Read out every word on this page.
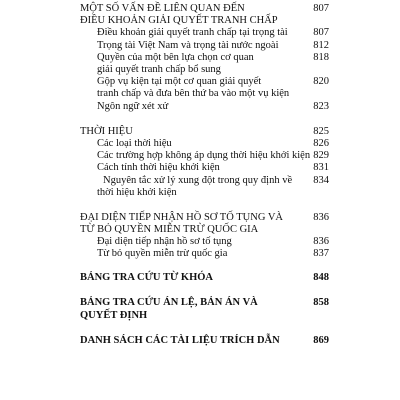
MỘT SỐ VẤN ĐỀ LIÊN QUAN ĐẾN	807
ĐIỀU KHOẢN GIẢI QUYẾT TRANH CHẤP
Điều khoản giải quyết tranh chấp tại trọng tài 807
Trọng tài Việt Nam và trọng tài nước ngoài	812
Quyền của một bên lựa chọn cơ quan	818
giải quyết tranh chấp bổ sung
Gộp vụ kiện tại một cơ quan giải quyết	820
tranh chấp và đưa bên thứ ba vào một vụ kiện
Ngôn ngữ xét xử	823
THỜI HIỆU	825
Các loại thời hiệu	826
Các trường hợp không áp dụng thời hiệu khởi kiện 829
Cách tính thời hiệu khởi kiện	831
Nguyên tắc xử lý xung đột trong quy định về 834
thời hiệu khởi kiện
ĐẠI DIỆN TIẾP NHẬN HỒ SƠ TỐ TỤNG VÀ	836
TỪ BỎ QUYỀN MIỄN TRỪ QUỐC GIA
Đại diện tiếp nhận hồ sơ tố tụng	836
Từ bỏ quyền miễn trừ quốc gia	837
BẢNG TRA CỨU TỪ KHÓA	848
BẢNG TRA CỨU ÁN LỆ, BẢN ÁN VÀ	858
QUYẾT ĐỊNH
DANH SÁCH CÁC TÀI LIỆU TRÍCH DẪN	869
